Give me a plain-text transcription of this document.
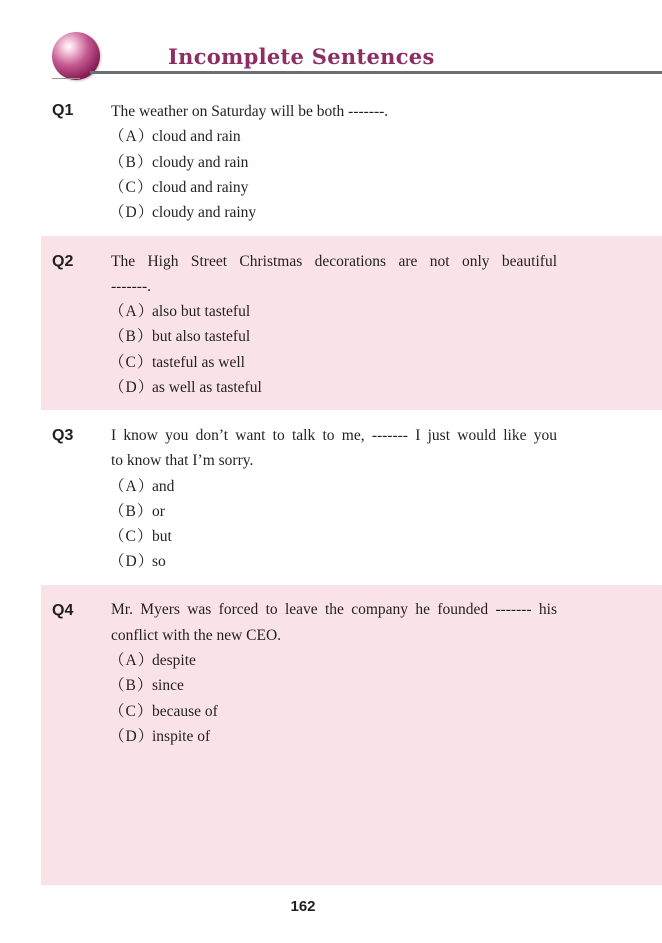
Incomplete Sentences
Q1 The weather on Saturday will be both -------.
（A）cloud and rain
（B）cloudy and rain
（C）cloud and rainy
（D）cloudy and rainy
Q2 The High Street Christmas decorations are not only beautiful
-------.
（A）also but tasteful
（B）but also tasteful
（C）tasteful as well
（D）as well as tasteful
Q3 I know you don’t want to talk to me, ------- I just would like you
to know that I’m sorry.
（A）and
（B）or
（C）but
（D）so
Q4 Mr. Myers was forced to leave the company he founded ------- his
conflict with the new CEO.
（A）despite
（B）since
（C）because of
（D）inspite of
162
